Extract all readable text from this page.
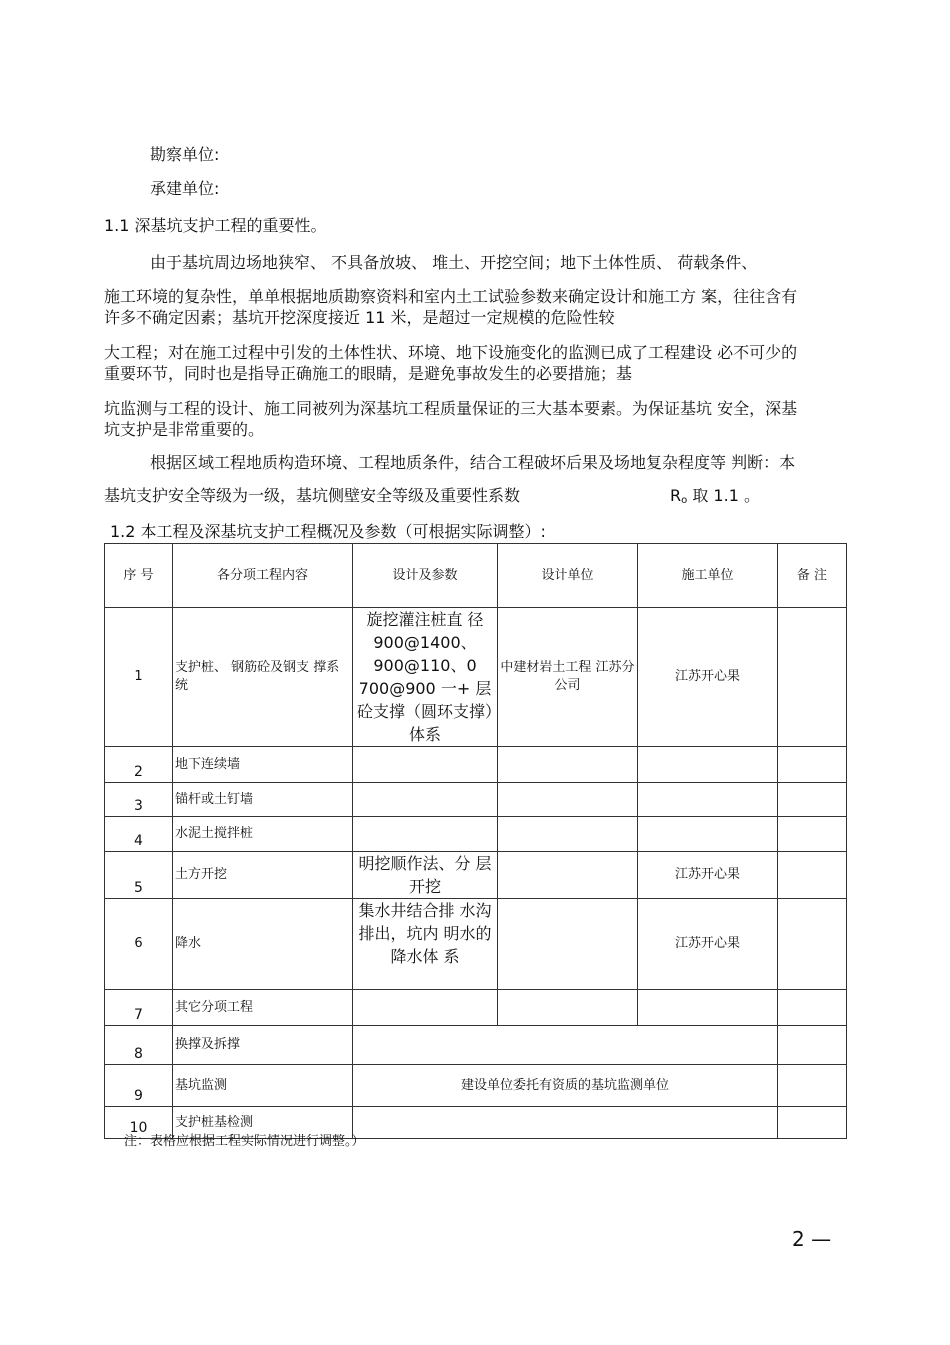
勘察单位:
承建单位:
1.1 深基坑支护工程的重要性。
由于基坑周边场地狭窄、 不具备放坡、 堆土、开挖空间；地下土体性质、 荷载条件、
施工环境的复杂性，单单根据地质勘察资料和室内土工试验参数来确定设计和施工方 案，往往含有
许多不确定因素；基坑开挖深度接近 11 米，是超过一定规模的危险性较
大工程；对在施工过程中引发的土体性状、环境、地下设施变化的监测已成了工程建设 必不可少的
重要环节，同时也是指导正确施工的眼睛，是避免事故发生的必要措施；基
坑监测与工程的设计、施工同被列为深基坑工程质量保证的三大基本要素。为保证基坑 安全，深基
坑支护是非常重要的。
根据区域工程地质构造环境、工程地质条件，结合工程破坏后果及场地复杂程度等 判断：本
基坑支护安全等级为一级，基坑侧壁安全等级及重要性系数	$R_o$ 取 1.1 。
1.2 本工程及深基坑支护工程概况及参数（可根据实际调整）:
序 号	各分项工程内容	设计及参数	设计单位	施工单位	备 注
1	支护桩、 钢筋砼及钢支 撑系统	旋挖灌注桩直 径 900@1400、 900@110、0 700@900 一+ 层砼支撑（圆环支撑）体系	中建材岩土工程 江苏分公司	江苏开心果	
2	地下连续墙				
3	锚杆或土钉墙				
4	水泥土搅拌桩				
5	土方开挖	明挖顺作法、分 层开挖		江苏开心果	
6	降水	集水井结合排 水沟排出，坑内 明水的降水体 系		江苏开心果	
7	其它分项工程				
8	换撑及拆撑				
9	基坑监测	建设单位委托有资质的基坑监测单位			
10	支护桩基检测				
注：表格应根据工程实际情况进行调整。）
2 —
